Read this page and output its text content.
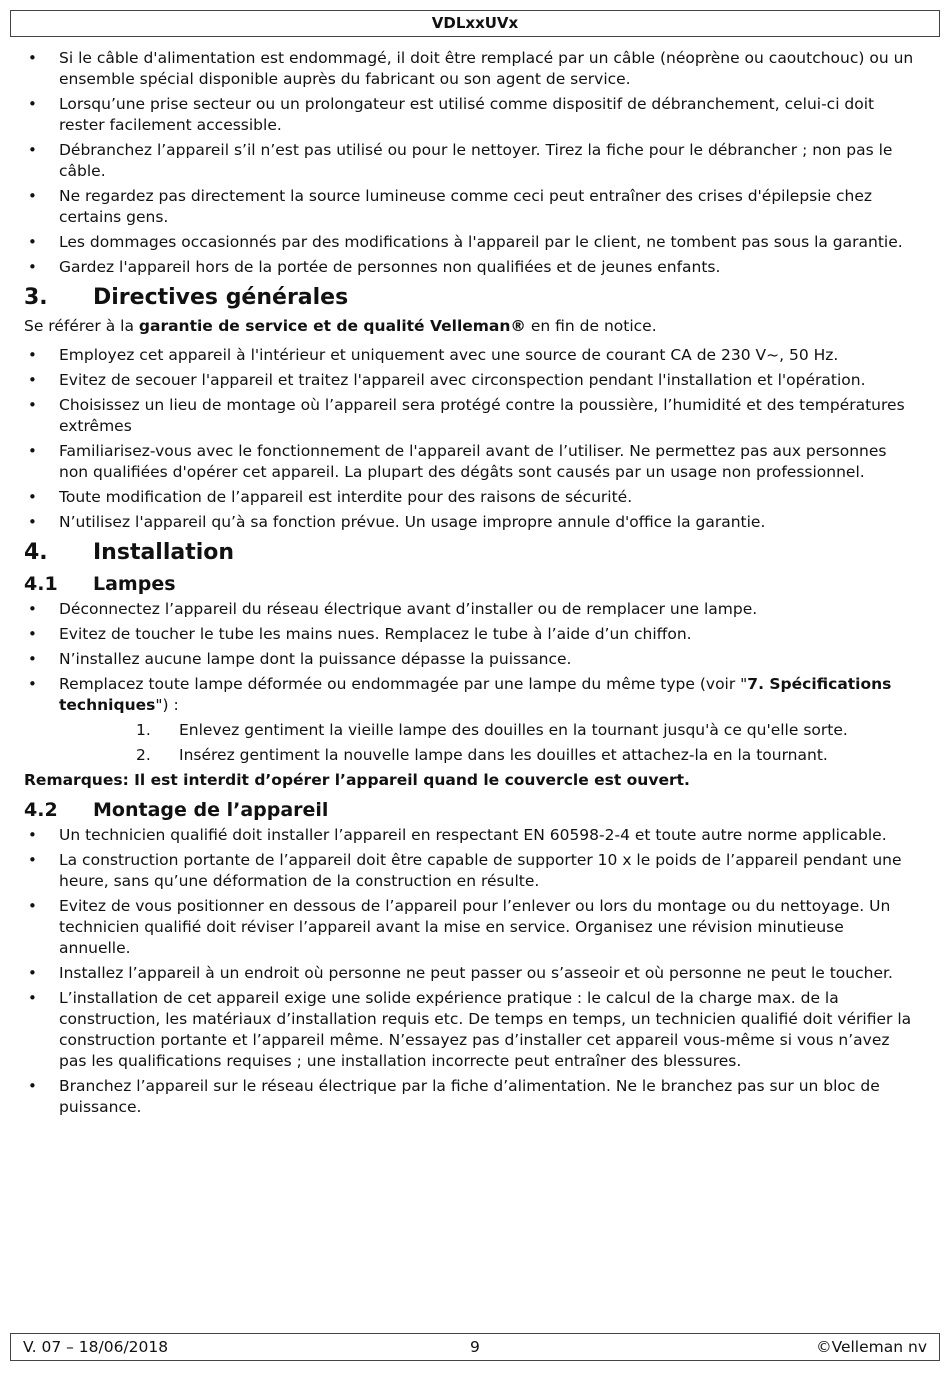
VDLxxUVx
• Si le câble d'alimentation est endommagé, il doit être remplacé par un câble (néoprène ou caoutchouc) ou un ensemble spécial disponible auprès du fabricant ou son agent de service.
• Lorsqu’une prise secteur ou un prolongateur est utilisé comme dispositif de débranchement, celui-ci doit rester facilement accessible.
• Débranchez l’appareil s’il n’est pas utilisé ou pour le nettoyer. Tirez la fiche pour le débrancher ; non pas le câble.
• Ne regardez pas directement la source lumineuse comme ceci peut entraîner des crises d'épilepsie chez certains gens.
• Les dommages occasionnés par des modifications à l'appareil par le client, ne tombent pas sous la garantie.
• Gardez l'appareil hors de la portée de personnes non qualifiées et de jeunes enfants.
3. Directives générales

Se référer à la garantie de service et de qualité Velleman® en fin de notice.

• Employez cet appareil à l'intérieur et uniquement avec une source de courant CA de 230 V~, 50 Hz.
• Evitez de secouer l'appareil et traitez l'appareil avec circonspection pendant l'installation et l'opération.
• Choisissez un lieu de montage où l’appareil sera protégé contre la poussière, l’humidité et des températures extrêmes
• Familiarisez-vous avec le fonctionnement de l'appareil avant de l’utiliser. Ne permettez pas aux personnes non qualifiées d'opérer cet appareil. La plupart des dégâts sont causés par un usage non professionnel.
• Toute modification de l’appareil est interdite pour des raisons de sécurité.
• N’utilisez l'appareil qu’à sa fonction prévue. Un usage impropre annule d'office la garantie.
4. Installation
4.1 Lampes
• Déconnectez l’appareil du réseau électrique avant d’installer ou de remplacer une lampe.
• Evitez de toucher le tube les mains nues. Remplacez le tube à l’aide d’un chiffon.
• N’installez aucune lampe dont la puissance dépasse la puissance.
• Remplacez toute lampe déformée ou endommagée par une lampe du même type (voir "7. Spécifications techniques") :
1. Enlevez gentiment la vieille lampe des douilles en la tournant jusqu'à ce qu'elle sorte.
2. Insérez gentiment la nouvelle lampe dans les douilles et attachez-la en la tournant.

Remarques: Il est interdit d’opérer l’appareil quand le couvercle est ouvert.

4.2 Montage de l’appareil
• Un technicien qualifié doit installer l’appareil en respectant EN 60598-2-4 et toute autre norme applicable.
• La construction portante de l’appareil doit être capable de supporter 10 x le poids de l’appareil pendant une heure, sans qu’une déformation de la construction en résulte.
• Evitez de vous positionner en dessous de l’appareil pour l’enlever ou lors du montage ou du nettoyage. Un technicien qualifié doit réviser l’appareil avant la mise en service. Organisez une révision minutieuse annuelle.
• Installez l’appareil à un endroit où personne ne peut passer ou s’asseoir et où personne ne peut le toucher.
• L’installation de cet appareil exige une solide expérience pratique : le calcul de la charge max. de la construction, les matériaux d’installation requis etc. De temps en temps, un technicien qualifié doit vérifier la construction portante et l’appareil même. N’essayez pas d’installer cet appareil vous-même si vous n’avez pas les qualifications requises ; une installation incorrecte peut entraîner des blessures.
• Branchez l’appareil sur le réseau électrique par la fiche d’alimentation. Ne le branchez pas sur un bloc de puissance.
V. 07 – 18/06/2018	9	©Velleman nv
